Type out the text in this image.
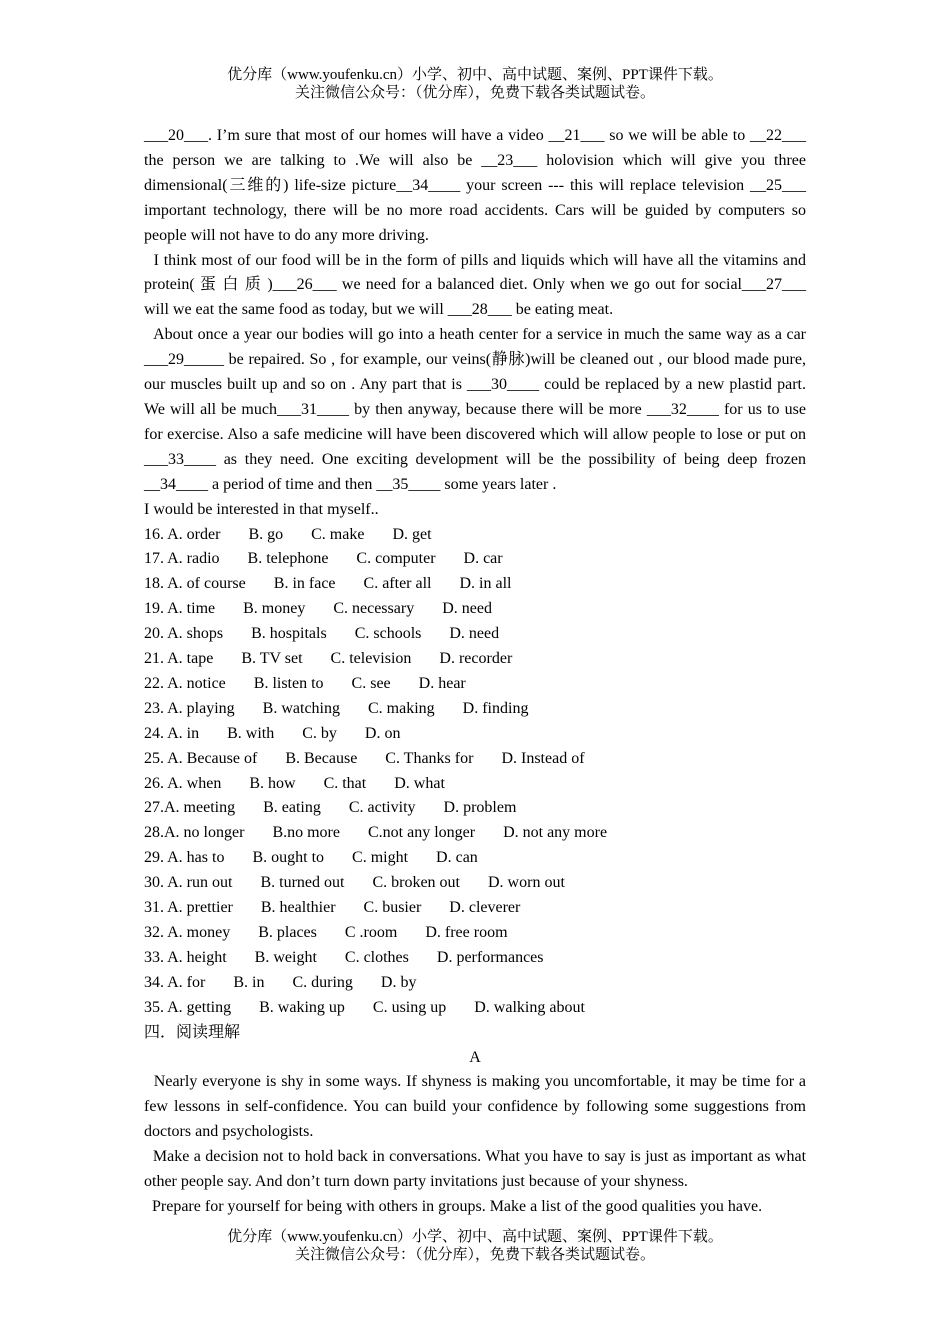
优分库（www.youfenku.cn）小学、初中、高中试题、案例、PPT课件下载。
关注微信公众号：（优分库），免费下载各类试题试卷。

___20___. I’m sure that most of our homes will have a video __21___ so we will be able to __22___ the person we are talking to .We will also be __23___ holovision which will give you three dimensional(三维的) life-size picture__34____ your screen --- this will replace television __25___ important technology, there will be no more road accidents. Cars will be guided by computers so people will not have to do any more driving.

I think most of our food will be in the form of pills and liquids which will have all the vitamins and protein( 蛋 白 质 )___26___ we need for a balanced diet. Only when we go out for social___27___ will we eat the same food as today, but we will ___28___ be eating meat.

About once a year our bodies will go into a heath center for a service in much the same way as a car ___29_____ be repaired. So , for example, our veins(静脉)will be cleaned out , our blood made pure, our muscles built up and so on . Any part that is ___30____ could be replaced by a new plastid part. We will all be much___31____ by then anyway, because there will be more ___32____ for us to use for exercise. Also a safe medicine will have been discovered which will allow people to lose or put on ___33____ as they need. One exciting development will be the possibility of being deep frozen __34____ a period of time and then __35____ some years later .

I would be interested in that myself..

16. A. order B. go C. make D. get
17. A. radio B. telephone C. computer D. car
18. A. of course B. in face C. after all D. in all
19. A. time B. money C. necessary D. need
20. A. shops B. hospitals C. schools D. need
21. A. tape B. TV set C. television D. recorder
22. A. notice B. listen to C. see D. hear
23. A. playing B. watching C. making D. finding
24. A. in B. with C. by D. on
25. A. Because of B. Because C. Thanks for D. Instead of
26. A. when B. how C. that D. what
27.A. meeting B. eating C. activity D. problem
28.A. no longer B.no more C.not any longer D. not any more
29. A. has to B. ought to C. might D. can
30. A. run out B. turned out C. broken out D. worn out
31. A. prettier B. healthier C. busier D. cleverer
32. A. money B. places C .room D. free room
33. A. height B. weight C. clothes D. performances
34. A. for B. in C. during D. by
35. A. getting B. waking up C. using up D. walking about

四．阅读理解

A

Nearly everyone is shy in some ways. If shyness is making you uncomfortable, it may be time for a few lessons in self-confidence. You can build your confidence by following some suggestions from doctors and psychologists.

Make a decision not to hold back in conversations. What you have to say is just as important as what other people say. And don’t turn down party invitations just because of your shyness.

Prepare for yourself for being with others in groups. Make a list of the good qualities you have.

优分库（www.youfenku.cn）小学、初中、高中试题、案例、PPT课件下载。
关注微信公众号：（优分库），免费下载各类试题试卷。
